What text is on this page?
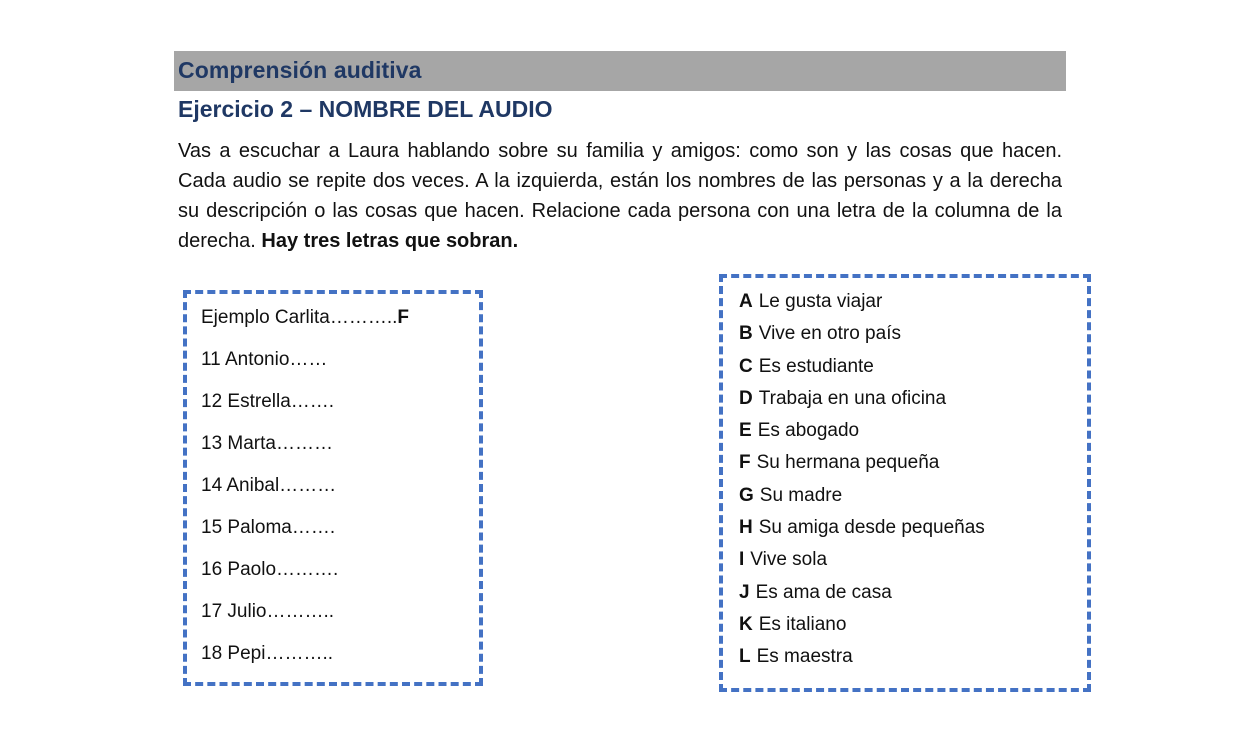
Comprensión auditiva
Ejercicio 2 – NOMBRE DEL AUDIO

Vas a escuchar a Laura hablando sobre su familia y amigos: como son y las cosas que hacen. Cada audio se repite dos veces. A la izquierda, están los nombres de las personas y a la derecha su descripción o las cosas que hacen. Relacione cada persona con una letra de la columna de la derecha. Hay tres letras que sobran.

Ejemplo Carlita………..F
11 Antonio……
12 Estrella…….
13 Marta………
14 Anibal………
15 Paloma…….
16 Paolo……….
17 Julio………..
18 Pepi………..
A Le gusta viajar
B Vive en otro país
C Es estudiante
D Trabaja en una oficina
E Es abogado
F Su hermana pequeña
G Su madre
H Su amiga desde pequeñas
I Vive sola
J Es ama de casa
K Es italiano
L Es maestra
